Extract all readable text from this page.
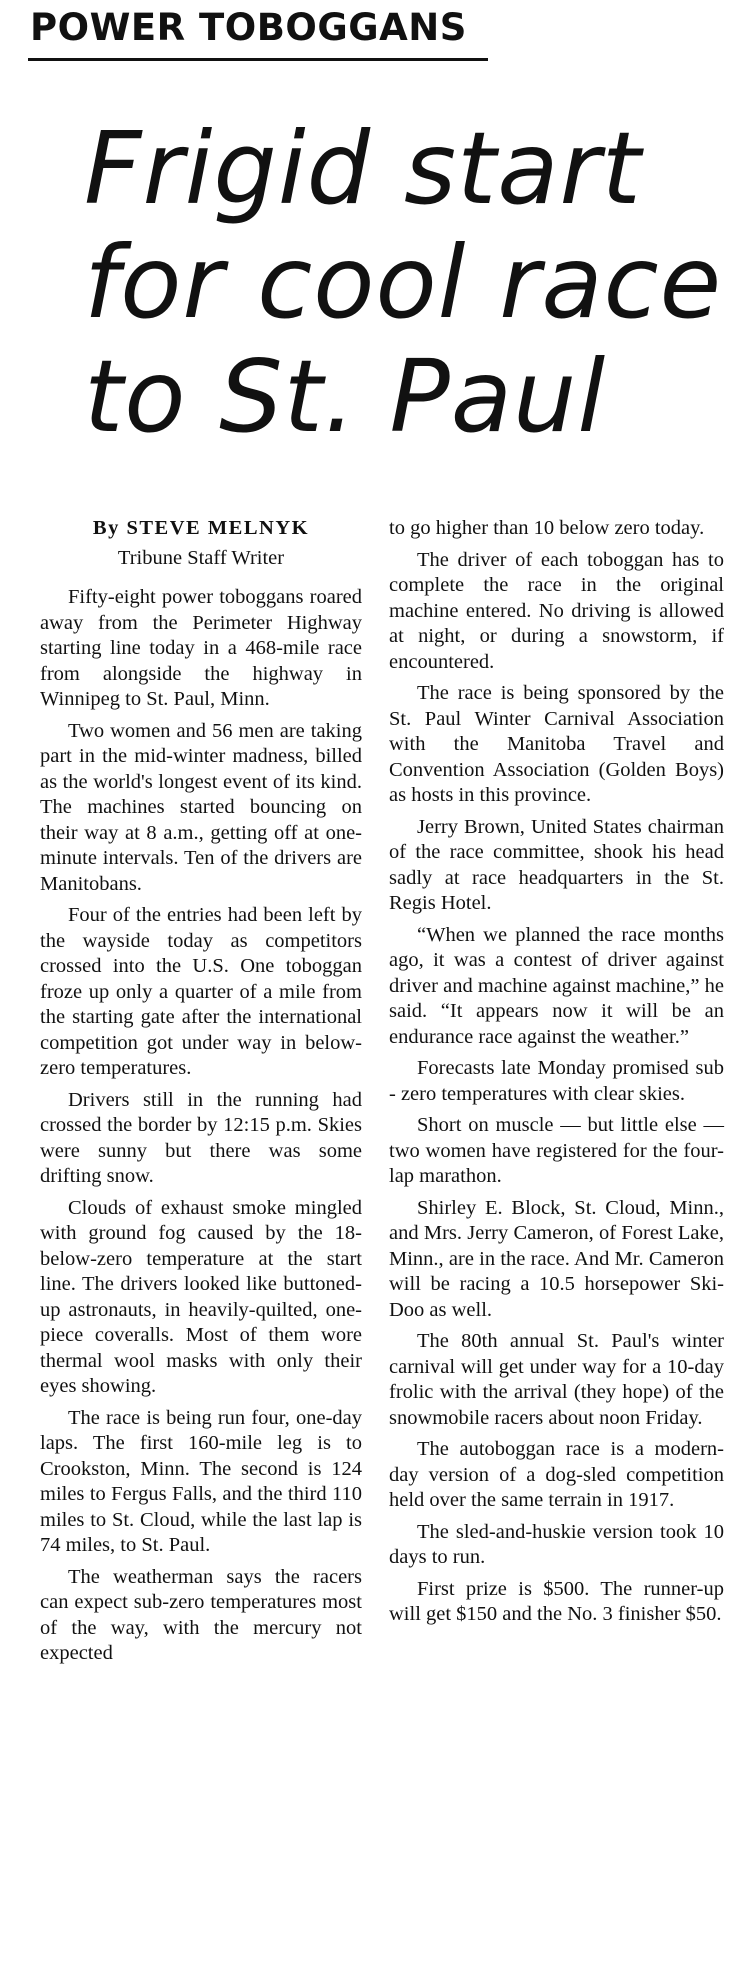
POWER TOBOGGANS
Frigid start
for cool race
to St. Paul
By STEVE MELNYK
Tribune Staff Writer

Fifty-eight power toboggans roared away from the Perimeter Highway starting line today in a 468-mile race from alongside the highway in Winnipeg to St. Paul, Minn.

Two women and 56 men are taking part in the mid-winter madness, billed as the world's longest event of its kind. The machines started bouncing on their way at 8 a.m., getting off at one-minute intervals. Ten of the drivers are Manitobans.

Four of the entries had been left by the wayside today as competitors crossed into the U.S. One toboggan froze up only a quarter of a mile from the starting gate after the international competition got under way in below-zero temperatures.

Drivers still in the running had crossed the border by 12:15 p.m. Skies were sunny but there was some drifting snow.

Clouds of exhaust smoke mingled with ground fog caused by the 18-below-zero temperature at the start line. The drivers looked like buttoned-up astronauts, in heavily-quilted, one-piece coveralls. Most of them wore thermal wool masks with only their eyes showing.

The race is being run four, one-day laps. The first 160-mile leg is to Crookston, Minn. The second is 124 miles to Fergus Falls, and the third 110 miles to St. Cloud, while the last lap is 74 miles, to St. Paul.

The weatherman says the racers can expect sub-zero temperatures most of the way, with the mercury not expected

to go higher than 10 below zero today.

The driver of each toboggan has to complete the race in the original machine entered. No driving is allowed at night, or during a snowstorm, if encountered.

The race is being sponsored by the St. Paul Winter Carnival Association with the Manitoba Travel and Convention Association (Golden Boys) as hosts in this province.

Jerry Brown, United States chairman of the race committee, shook his head sadly at race headquarters in the St. Regis Hotel.

“When we planned the race months ago, it was a contest of driver against driver and machine against machine,” he said. “It appears now it will be an endurance race against the weather.”

Forecasts late Monday promised sub - zero temperatures with clear skies.

Short on muscle — but little else — two women have registered for the four-lap marathon.

Shirley E. Block, St. Cloud, Minn., and Mrs. Jerry Cameron, of Forest Lake, Minn., are in the race. And Mr. Cameron will be racing a 10.5 horsepower Ski-Doo as well.

The 80th annual St. Paul's winter carnival will get under way for a 10-day frolic with the arrival (they hope) of the snowmobile racers about noon Friday.

The autoboggan race is a modern-day version of a dog-sled competition held over the same terrain in 1917.

The sled-and-huskie version took 10 days to run.

First prize is $500. The runner-up will get $150 and the No. 3 finisher $50.
